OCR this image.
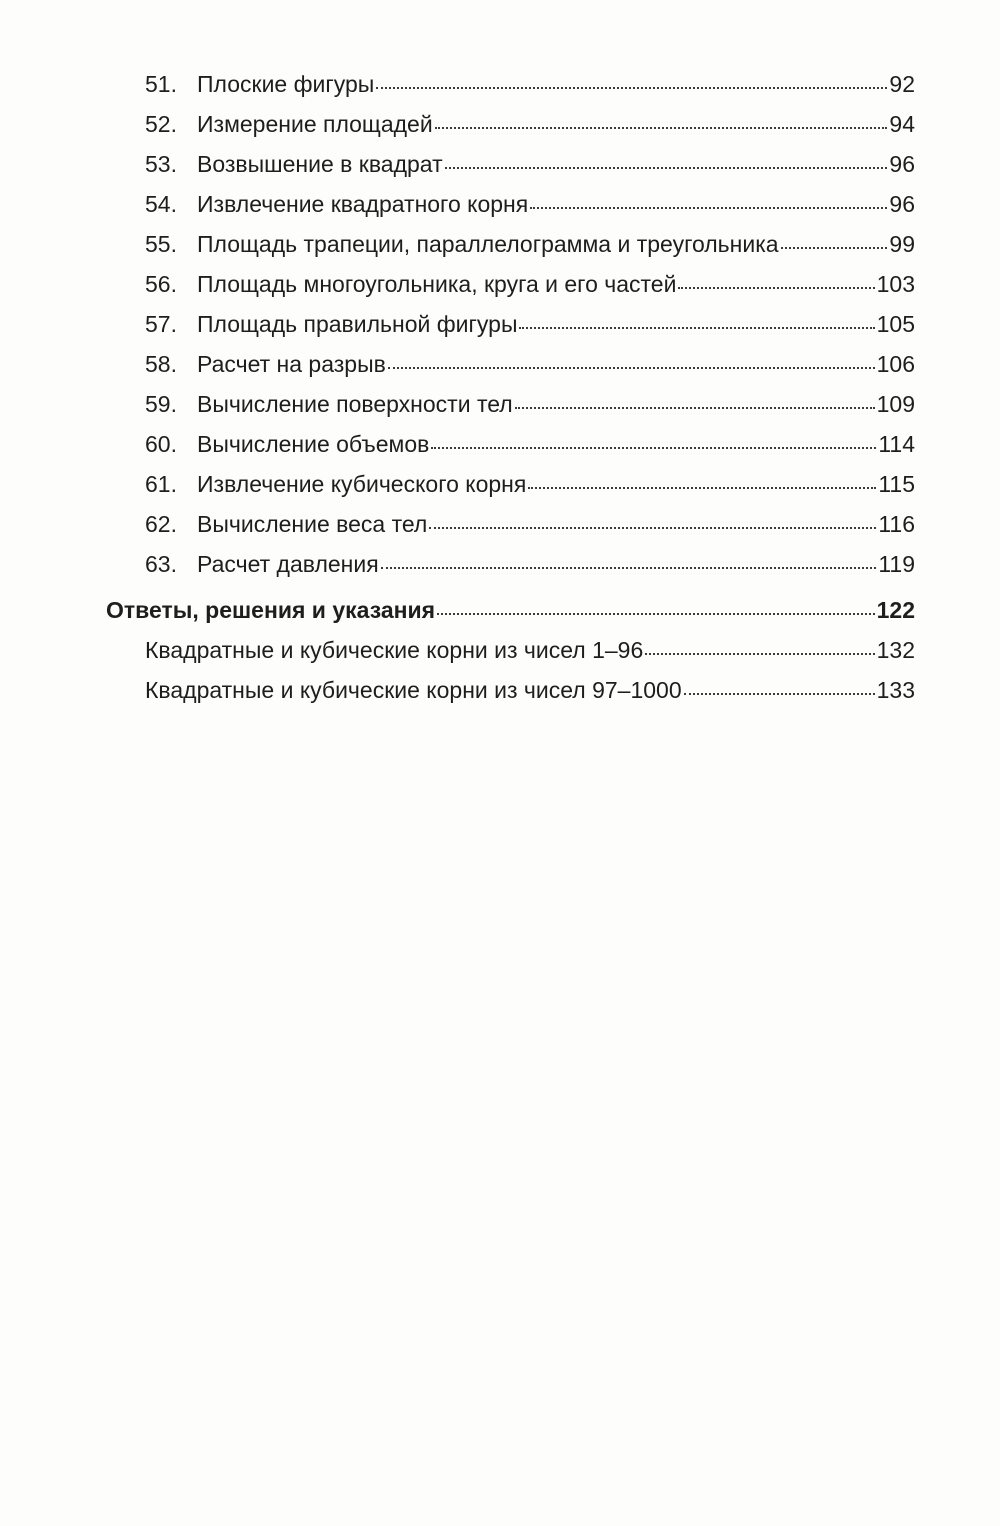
51. Плоские фигуры	92
52. Измерение площадей	94
53. Возвышение в квадрат	96
54. Извлечение квадратного корня	96
55. Площадь трапеции, параллелограмма и треугольника	99
56. Площадь многоугольника, круга и его частей	103
57. Площадь правильной фигуры	105
58. Расчет на разрыв	106
59. Вычисление поверхности тел	109
60. Вычисление объемов	114
61. Извлечение кубического корня	115
62. Вычисление веса тел	116
63. Расчет давления	119
Ответы, решения и указания	122
Квадратные и кубические корни из чисел 1–96	132
Квадратные и кубические корни из чисел 97–1000	133
